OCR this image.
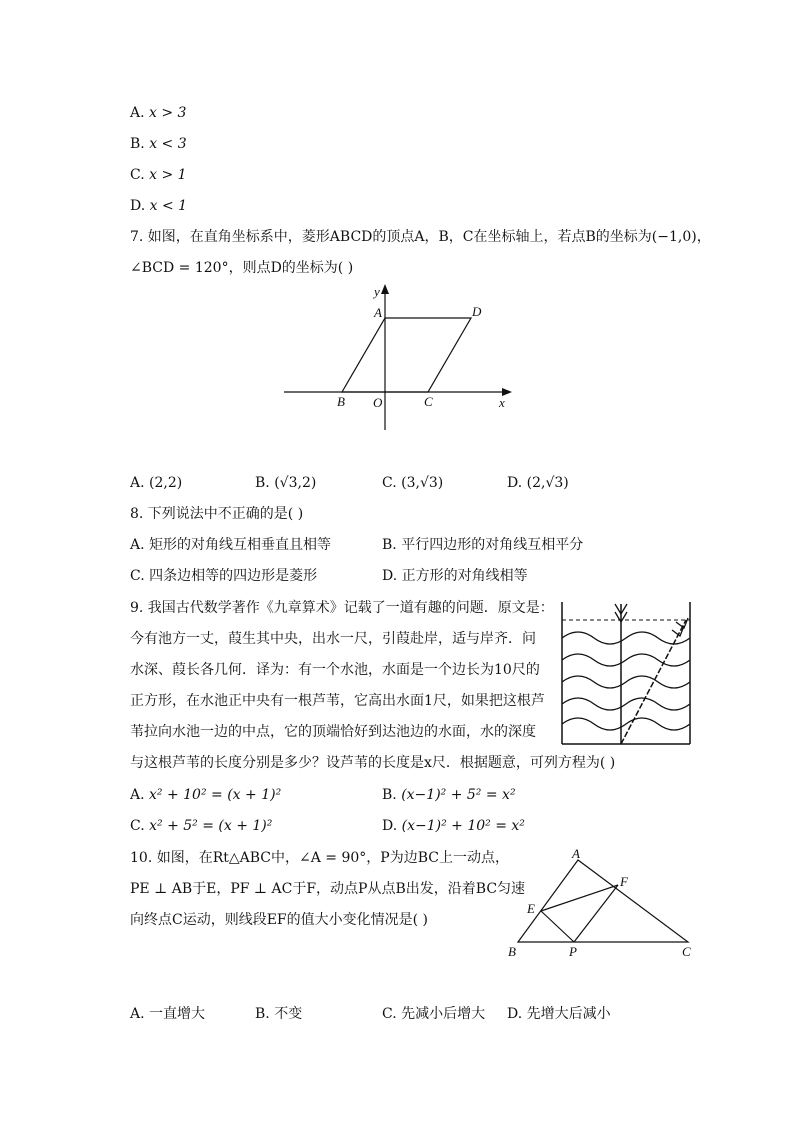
A. x > 3
B. x < 3
C. x > 1
D. x < 1
7. 如图，在直角坐标系中，菱形ABCD的顶点A，B，C在坐标轴上，若点B的坐标为(−1,0)，
∠BCD = 120°，则点D的坐标为( )
y
A	D
B O	C	x
A. (2,2)	B. (√3,2)	C. (3,√3)	D. (2,√3)
8. 下列说法中不正确的是( )
A. 矩形的对角线互相垂直且相等	B. 平行四边形的对角线互相平分
C. 四条边相等的四边形是菱形	D. 正方形的对角线相等
9. 我国古代数学著作《九章算术》记载了一道有趣的问题．原文是：
今有池方一丈，葭生其中央，出水一尺，引葭赴岸，适与岸齐．问
水深、葭长各几何．译为：有一个水池，水面是一个边长为10尺的
正方形，在水池正中央有一根芦苇，它高出水面1尺，如果把这根芦
苇拉向水池一边的中点，它的顶端恰好到达池边的水面，水的深度
与这根芦苇的长度分别是多少？设芦苇的长度是x尺．根据题意，可列方程为( )
A. x² + 10² = (x + 1)²	B. (x−1)² + 5² = x²
C. x² + 5² = (x + 1)²	D. (x−1)² + 10² = x²
10. 如图，在Rt△ABC中，∠A = 90°，P为边BC上一动点，
PE ⊥ AB于E，PF ⊥ AC于F，动点P从点B出发，沿着BC匀速
向终点C运动，则线段EF的值大小变化情况是( )
A
F
E
B	P	C
A. 一直增大	B. 不变	C. 先减小后增大 D. 先增大后减小
